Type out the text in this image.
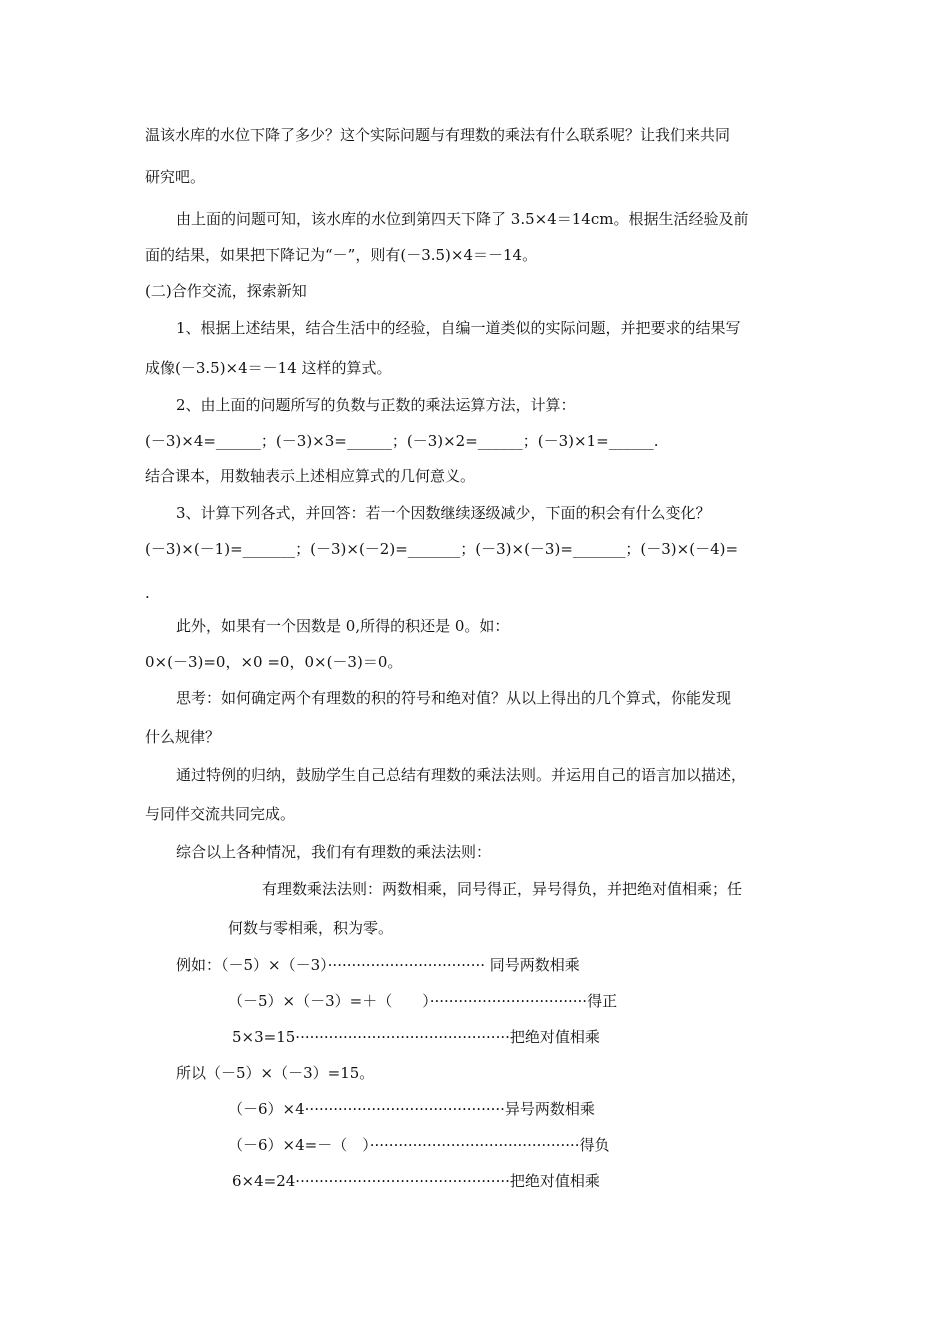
温该水库的水位下降了多少？这个实际问题与有理数的乘法有什么联系呢？让我们来共同
研究吧。
由上面的问题可知，该水库的水位到第四天下降了 3.5×4＝14cm。根据生活经验及前
面的结果，如果把下降记为“－”，则有(－3.5)×4＝－14。
(二)合作交流，探索新知
1、根据上述结果，结合生活中的经验，自编一道类似的实际问题，并把要求的结果写
成像(－3.5)×4＝－14 这样的算式。
2、由上面的问题所写的负数与正数的乘法运算方法，计算：
(－3)×4=______；(－3)×3=______；(－3)×2=______；(－3)×1=______.
结合课本，用数轴表示上述相应算式的几何意义。
3、计算下列各式，并回答：若一个因数继续逐级减少，下面的积会有什么变化？
(－3)×(－1)=_______；(－3)×(－2)=_______；(－3)×(－3)=_______；(－3)×(－4)=
.
此外，如果有一个因数是 0,所得的积还是 0。如：
0×(－3)=0，×0 =0，0×(－3)＝0。
思考：如何确定两个有理数的积的符号和绝对值？从以上得出的几个算式，你能发现
什么规律？
通过特例的归纳，鼓励学生自己总结有理数的乘法法则。并运用自己的语言加以描述，
与同伴交流共同完成。
综合以上各种情况，我们有有理数的乘法法则：
有理数乘法法则：两数相乘，同号得正，异号得负，并把绝对值相乘；任
何数与零相乘，积为零。
例如：（－5）×（－3）································· 同号两数相乘
（－5）×（－3）=＋（　　）·································得正
5×3=15·············································把绝对值相乘
所以（－5）×（－3）=15。
（－6）×4··········································异号两数相乘
（－6）×4=－（　）············································得负
6×4=24·············································把绝对值相乘
